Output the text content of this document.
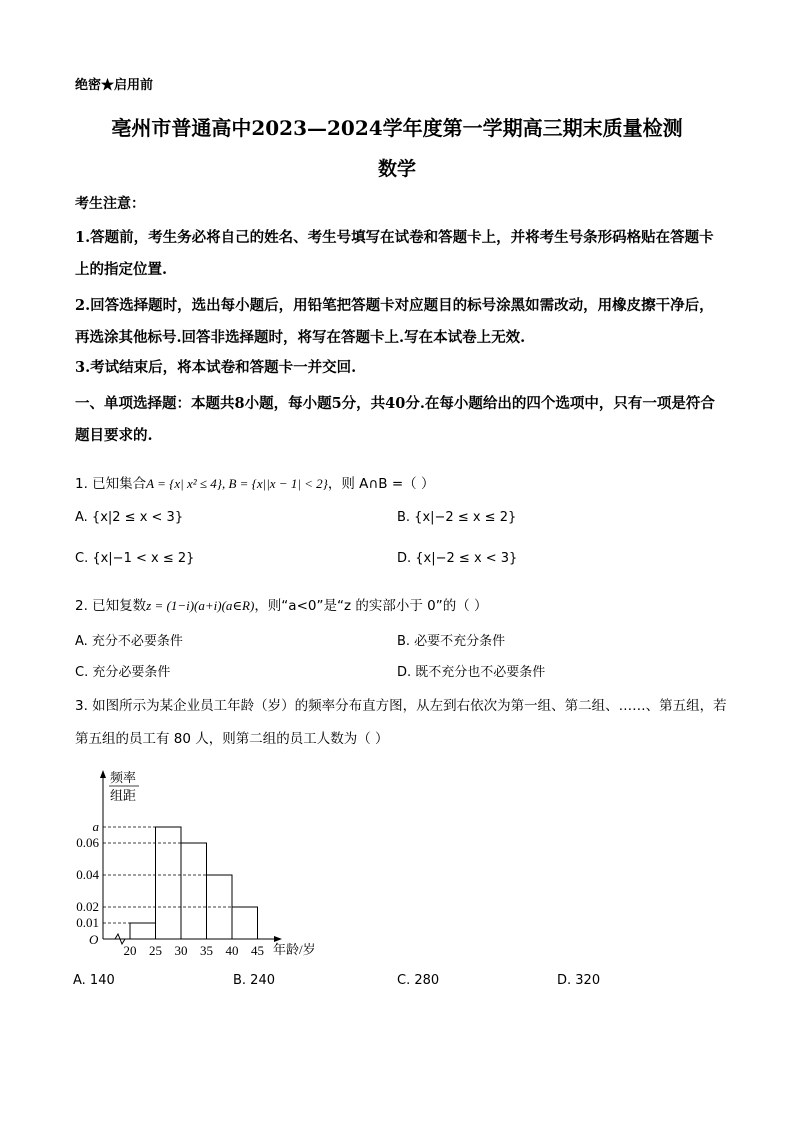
绝密★启用前
亳州市普通高中2023—2024学年度第一学期高三期末质量检测
数学
考生注意：
1.答题前，考生务必将自己的姓名、考生号填写在试卷和答题卡上，并将考生号条形码格贴在答题卡上的指定位置.
2.回答选择题时，选出每小题后，用铅笔把答题卡对应题目的标号涂黑如需改动，用橡皮擦干净后，再选涂其他标号.回答非选择题时，将写在答题卡上.写在本试卷上无效.
3.考试结束后，将本试卷和答题卡一并交回.
一、单项选择题：本题共8小题，每小题5分，共40分.在每小题给出的四个选项中，只有一项是符合题目要求的.
1. 已知集合A = {x| x² ≤ 4}, B = {x||x − 1| < 2}，则 A∩B =（ ）
A. {x|2 ≤ x < 3}	B. {x|−2 ≤ x ≤ 2}
C. {x|−1 < x ≤ 2}	D. {x|−2 ≤ x < 3}
2. 已知复数z = (1−i)(a+i)(a∈R)，则“a<0”是“z 的实部小于 0”的（ ）
A. 充分不必要条件	B. 必要不充分条件
C. 充分必要条件	D. 既不充分也不必要条件
3. 如图所示为某企业员工年龄（岁）的频率分布直方图，从左到右依次为第一组、第二组、……、第五组，若第五组的员工有 80 人，则第二组的员工人数为（ ）
频率
组距
O
0.01
0.02
0.04
0.06
a
20 25 30 35 40 45 年龄/岁
A. 140	B. 240	C. 280	D. 320
